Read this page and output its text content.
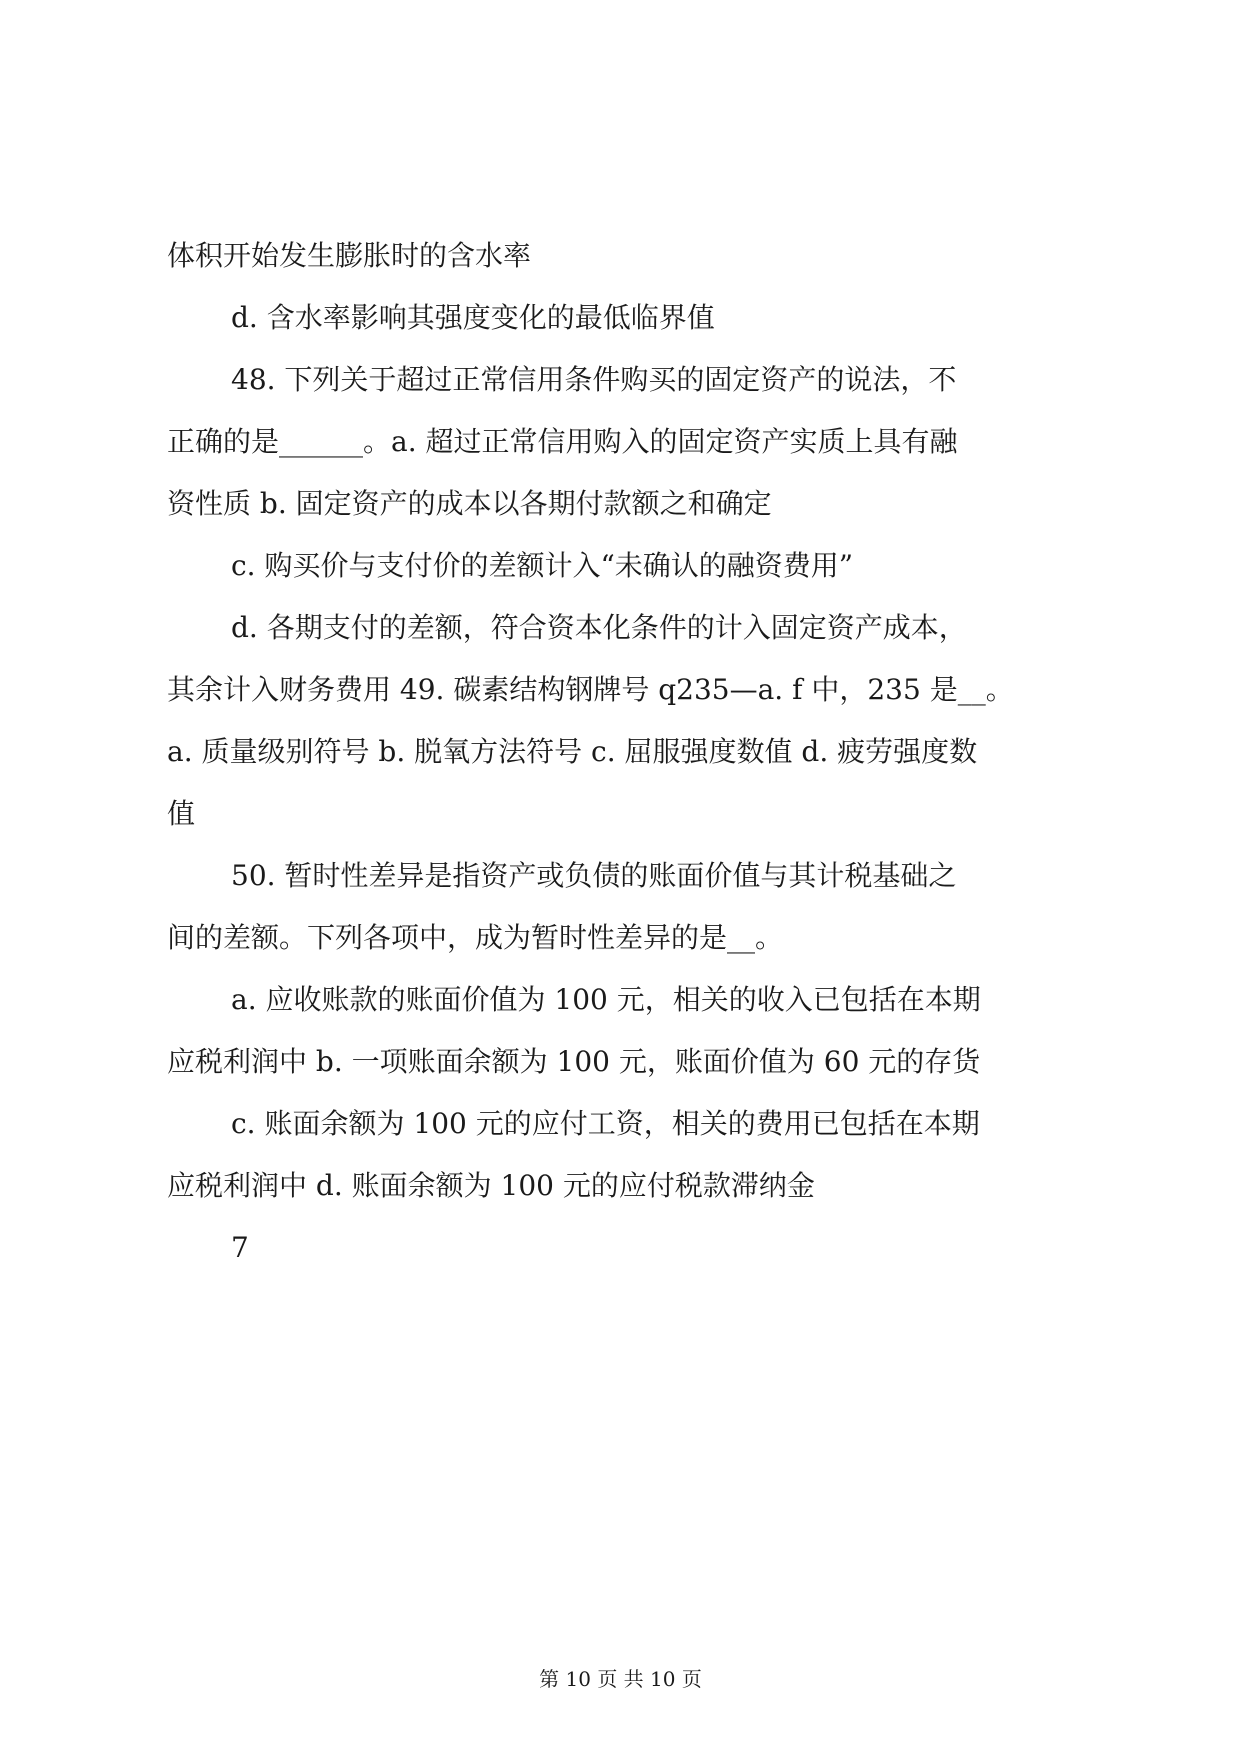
体积开始发生膨胀时的含水率
d. 含水率影响其强度变化的最低临界值
48. 下列关于超过正常信用条件购买的固定资产的说法，不
正确的是______。a. 超过正常信用购入的固定资产实质上具有融
资性质 b. 固定资产的成本以各期付款额之和确定
c. 购买价与支付价的差额计入“未确认的融资费用”
d. 各期支付的差额，符合资本化条件的计入固定资产成本，
其余计入财务费用 49. 碳素结构钢牌号 q235—a. f 中，235 是__。
a. 质量级别符号 b. 脱氧方法符号 c. 屈服强度数值 d. 疲劳强度数
值
50. 暂时性差异是指资产或负债的账面价值与其计税基础之
间的差额。下列各项中，成为暂时性差异的是__。
a. 应收账款的账面价值为 100 元，相关的收入已包括在本期
应税利润中 b. 一项账面余额为 100 元，账面价值为 60 元的存货
c. 账面余额为 100 元的应付工资，相关的费用已包括在本期
应税利润中 d. 账面余额为 100 元的应付税款滞纳金
7
第 10 页 共 10 页
